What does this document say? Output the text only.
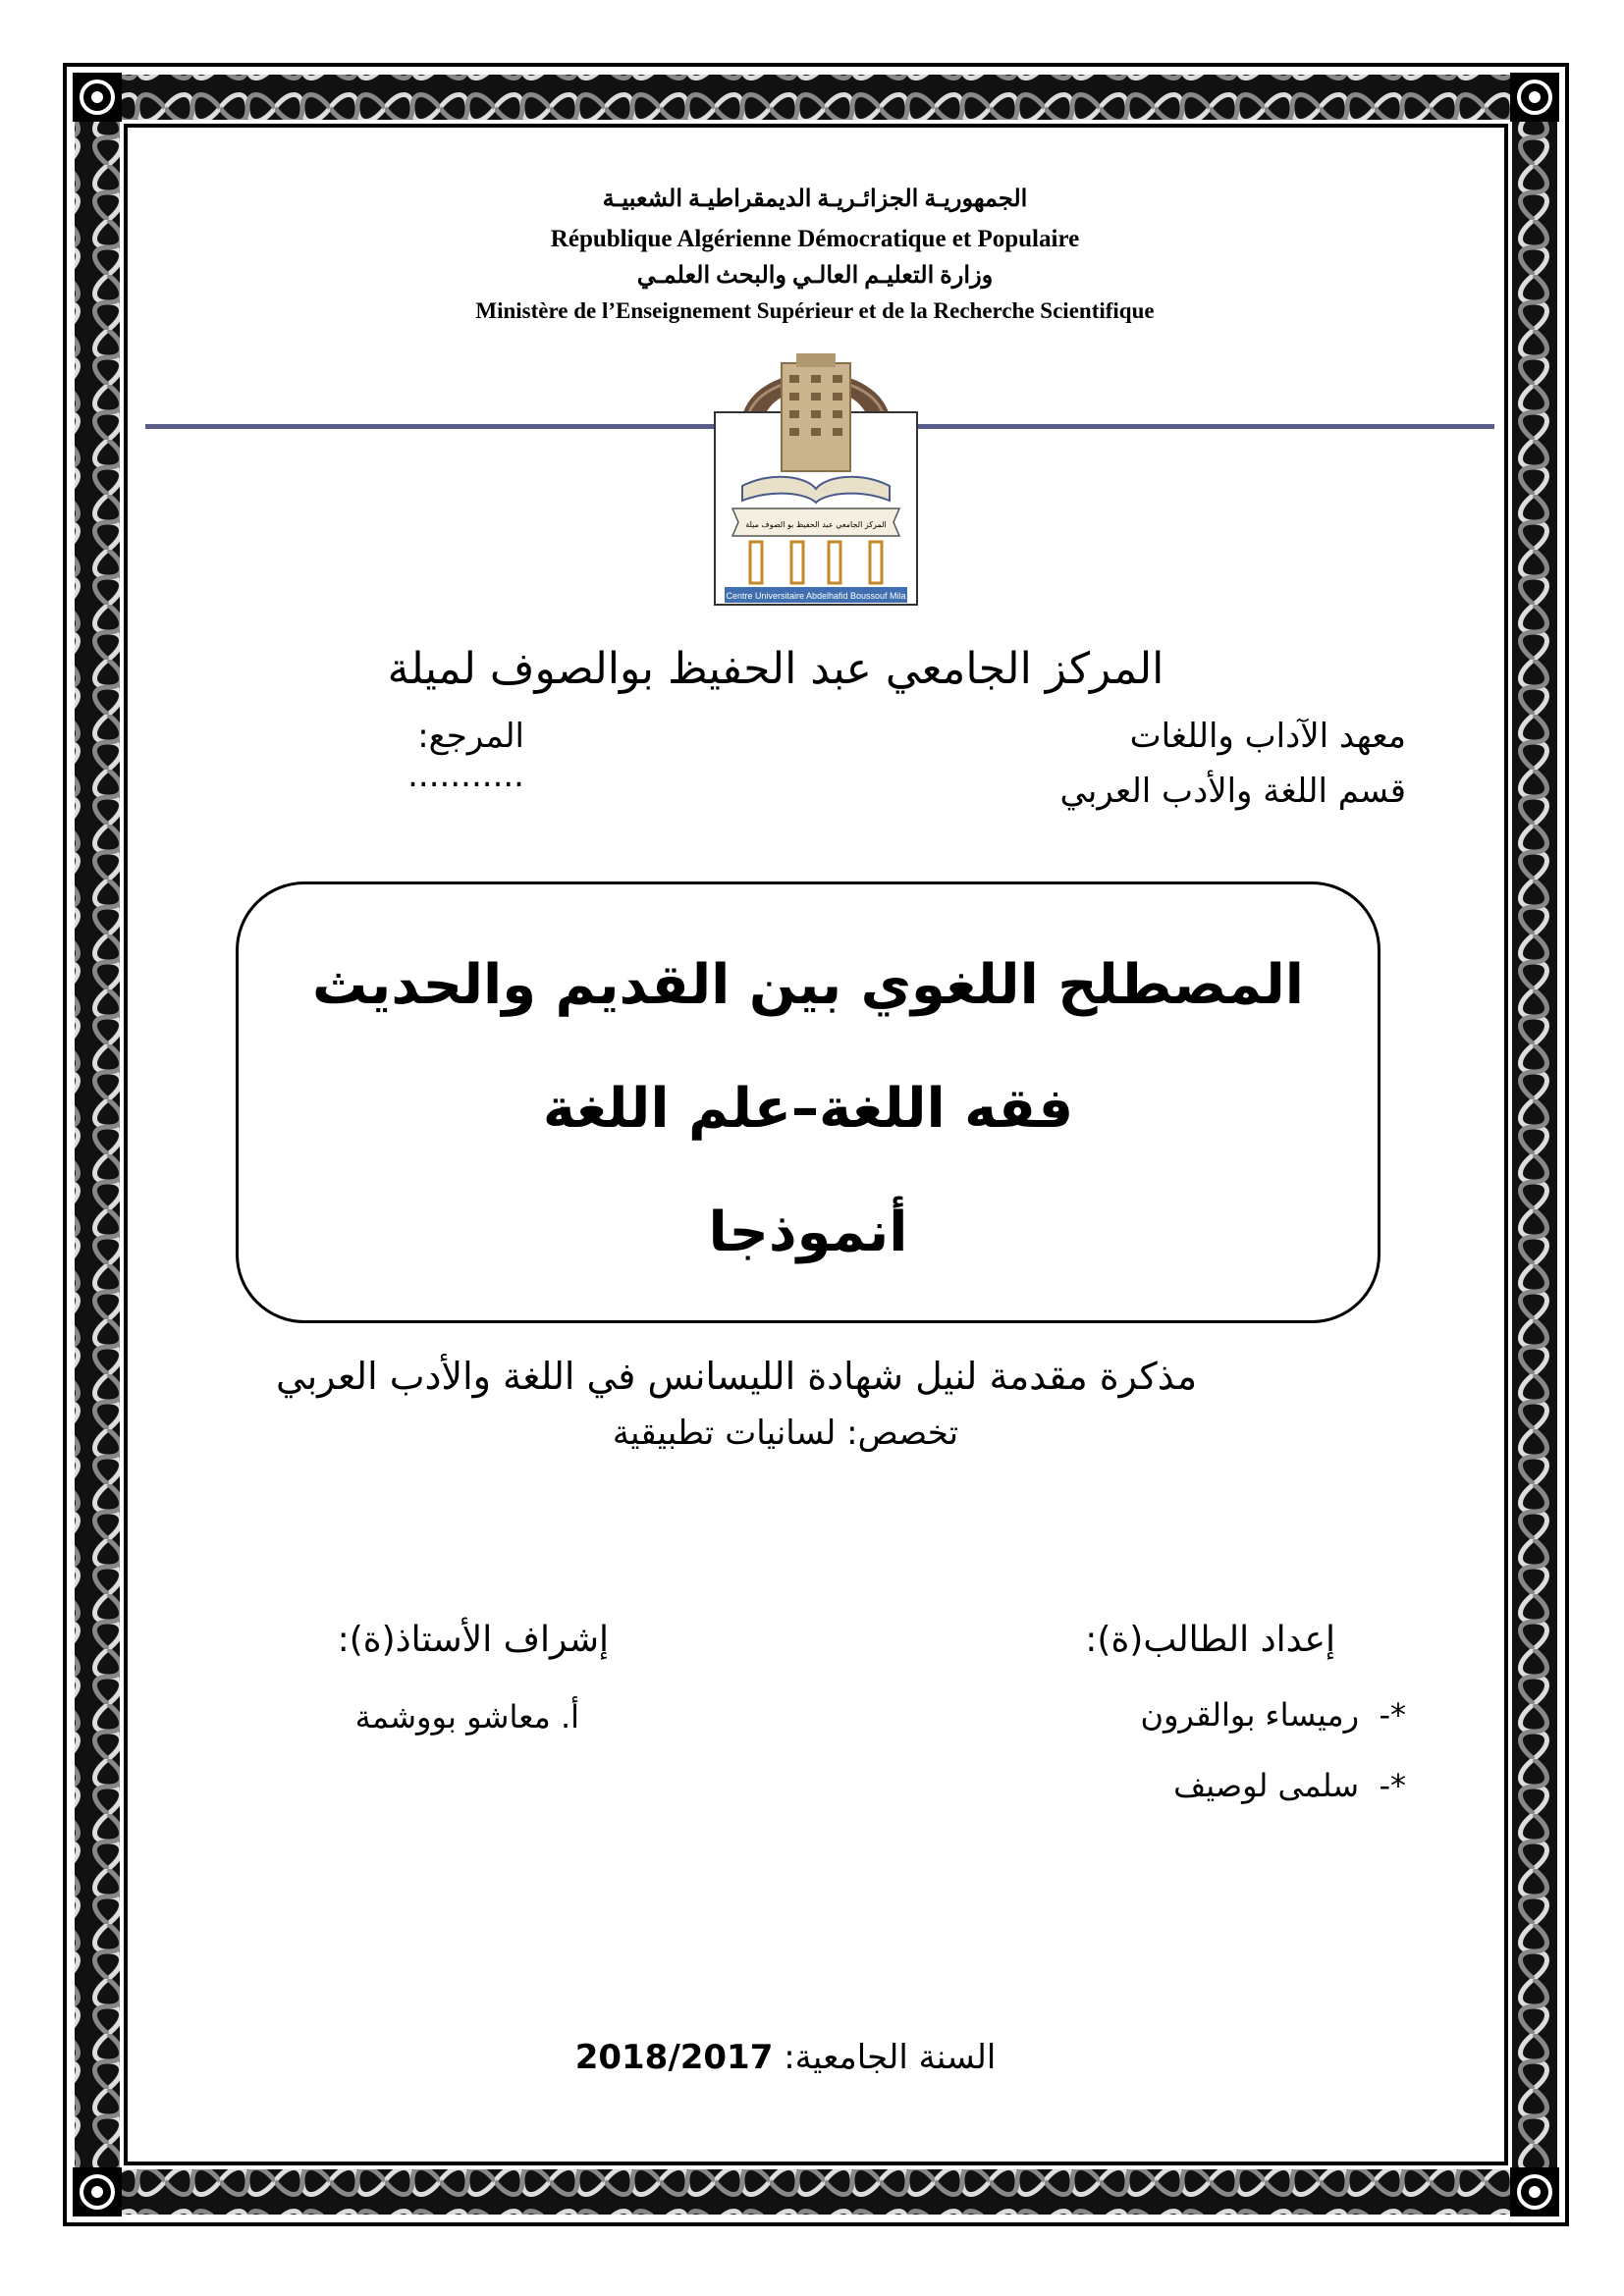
الجمهوريـة الجزائـريـة الديمقراطيـة الشعبيـة
République Algérienne Démocratique et Populaire
وزارة التعليـم العالـي والبحث العلمـي
Ministère de l’Enseignement Supérieur et de la Recherche Scientifique
المركز الجامعي عبد الحفيظ بو الصوف ميلة
Centre Universitaire Abdelhafid Boussouf Mila
المركز الجامعي عبد الحفيظ بوالصوف لميلة
معهد الآداب واللغات
المرجع:   ...........	قسم اللغة والأدب العربي
المصطلح اللغوي بين القديم والحديث
فقه اللغة–علم اللغة
أنموذجا
مذكرة مقدمة لنيل شهادة الليسانس في اللغة والأدب العربي
تخصص: لسانيات تطبيقية
إعداد الطالب(ة):
إشراف الأستاذ(ة):
*-  رميساء بوالقرون
*-  سلمى لوصيف
أ. معاشو بووشمة
السنة الجامعية: 2018/2017
